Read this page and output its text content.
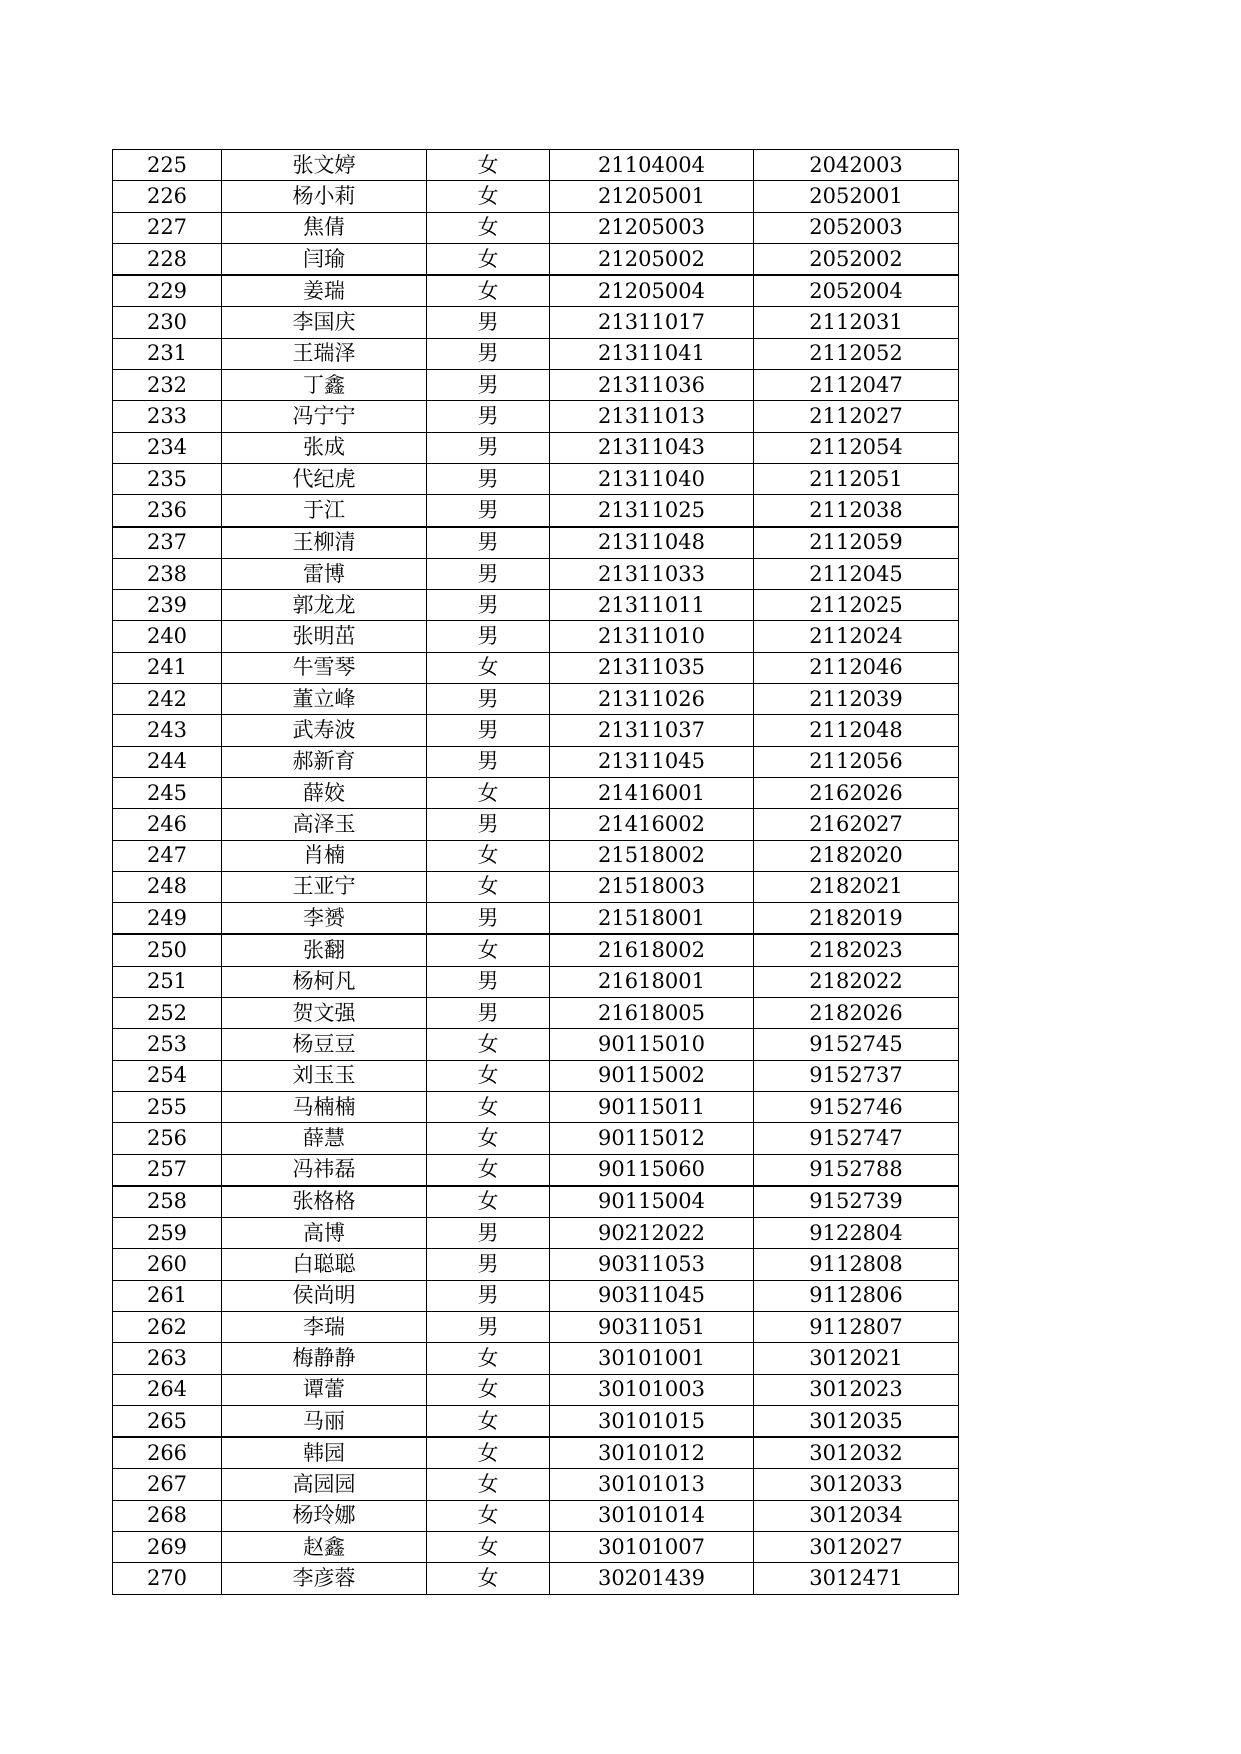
225	张文婷	女	21104004	2042003
226	杨小莉	女	21205001	2052001
227	焦倩	女	21205003	2052003
228	闫瑜	女	21205002	2052002
229	姜瑞	女	21205004	2052004
230	李国庆	男	21311017	2112031
231	王瑞泽	男	21311041	2112052
232	丁鑫	男	21311036	2112047
233	冯宁宁	男	21311013	2112027
234	张成	男	21311043	2112054
235	代纪虎	男	21311040	2112051
236	于江	男	21311025	2112038
237	王柳清	男	21311048	2112059
238	雷博	男	21311033	2112045
239	郭龙龙	男	21311011	2112025
240	张明茁	男	21311010	2112024
241	牛雪琴	女	21311035	2112046
242	董立峰	男	21311026	2112039
243	武寿波	男	21311037	2112048
244	郝新育	男	21311045	2112056
245	薛姣	女	21416001	2162026
246	高泽玉	男	21416002	2162027
247	肖楠	女	21518002	2182020
248	王亚宁	女	21518003	2182021
249	李赟	男	21518001	2182019
250	张翻	女	21618002	2182023
251	杨柯凡	男	21618001	2182022
252	贺文强	男	21618005	2182026
253	杨豆豆	女	90115010	9152745
254	刘玉玉	女	90115002	9152737
255	马楠楠	女	90115011	9152746
256	薛慧	女	90115012	9152747
257	冯祎磊	女	90115060	9152788
258	张格格	女	90115004	9152739
259	高博	男	90212022	9122804
260	白聪聪	男	90311053	9112808
261	侯尚明	男	90311045	9112806
262	李瑞	男	90311051	9112807
263	梅静静	女	30101001	3012021
264	谭蕾	女	30101003	3012023
265	马丽	女	30101015	3012035
266	韩园	女	30101012	3012032
267	高园园	女	30101013	3012033
268	杨玲娜	女	30101014	3012034
269	赵鑫	女	30101007	3012027
270	李彦蓉	女	30201439	3012471
